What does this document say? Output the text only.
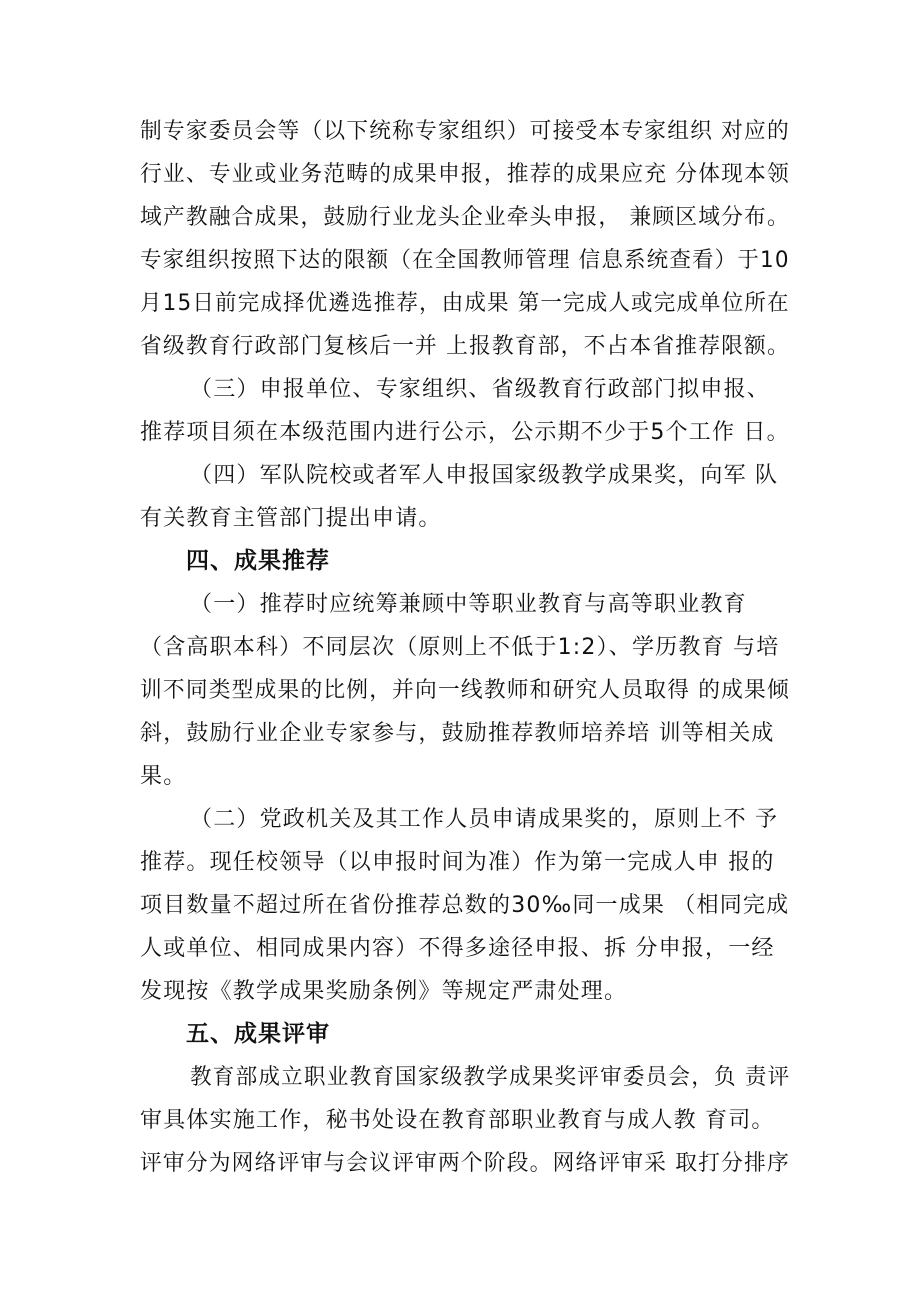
制专家委员会等（以下统称专家组织）可接受本专家组织 对应的
行业、专业或业务范畴的成果申报，推荐的成果应充 分体现本领
域产教融合成果，鼓励行业龙头企业牵头申报， 兼顾区域分布。
专家组织按照下达的限额（在全国教师管理 信息系统查看）于10
月15日前完成择优遴选推荐，由成果 第一完成人或完成单位所在
省级教育行政部门复核后一并 上报教育部，不占本省推荐限额。
（三）申报单位、专家组织、省级教育行政部门拟申报、
推荐项目须在本级范围内进行公示，公示期不少于5个工作 日。
（四）军队院校或者军人申报国家级教学成果奖，向军 队
有关教育主管部门提出申请。
四、成果推荐
（一）推荐时应统筹兼顾中等职业教育与高等职业教育
（含高职本科）不同层次（原则上不低于1:2）、学历教育 与培
训不同类型成果的比例，并向一线教师和研究人员取得 的成果倾
斜，鼓励行业企业专家参与，鼓励推荐教师培养培 训等相关成
果。
（二）党政机关及其工作人员申请成果奖的，原则上不 予
推荐。现任校领导（以申报时间为准）作为第一完成人申 报的
项目数量不超过所在省份推荐总数的30‰同一成果 （相同完成
人或单位、相同成果内容）不得多途径申报、拆 分申报，一经
发现按《教学成果奖励条例》等规定严肃处理。
五、成果评审
教育部成立职业教育国家级教学成果奖评审委员会，负 责评
审具体实施工作，秘书处设在教育部职业教育与成人教 育司。
评审分为网络评审与会议评审两个阶段。网络评审采 取打分排序
